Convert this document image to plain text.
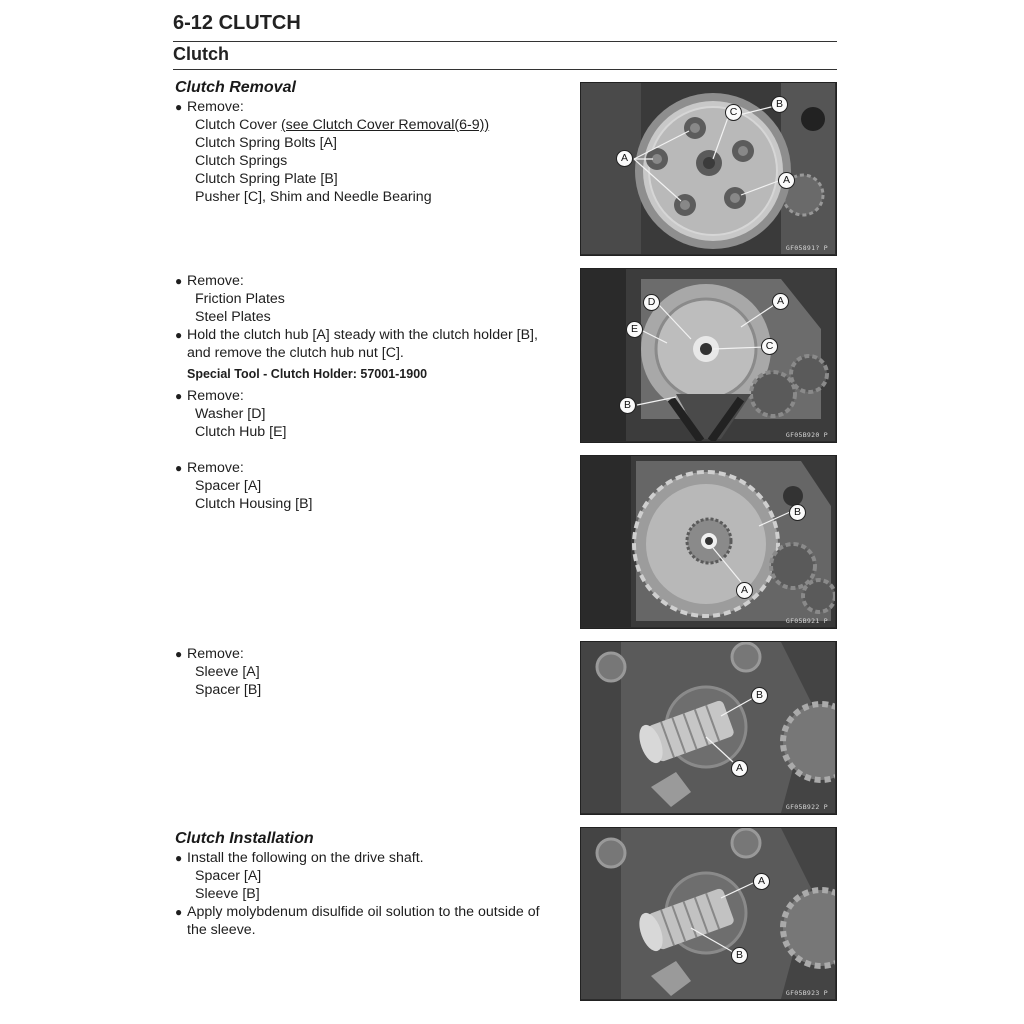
6-12 CLUTCH
Clutch
Clutch Removal
● Remove:
Clutch Cover (see Clutch Cover Removal(6-9))
Clutch Spring Bolts [A]
Clutch Springs
Clutch Spring Plate [B]
Pusher [C], Shim and Needle Bearing
● Remove:
Friction Plates
Steel Plates
● Hold the clutch hub [A] steady with the clutch holder [B],
and remove the clutch hub nut [C].
Special Tool - Clutch Holder: 57001-1900
● Remove:
Washer [D]
Clutch Hub [E]
● Remove:
Spacer [A]
Clutch Housing [B]
● Remove:
Sleeve [A]
Spacer [B]
Clutch Installation
● Install the following on the drive shaft.
Spacer [A]
Sleeve [B]
● Apply molybdenum disulfide oil solution to the outside of
the sleeve.
A
B
C
A
GF05891? P
D	A
E
C
B
GF05B920 P
B
A
GF05B921 P
B
A
GF05B922 P
A
B
GF05B923 P
